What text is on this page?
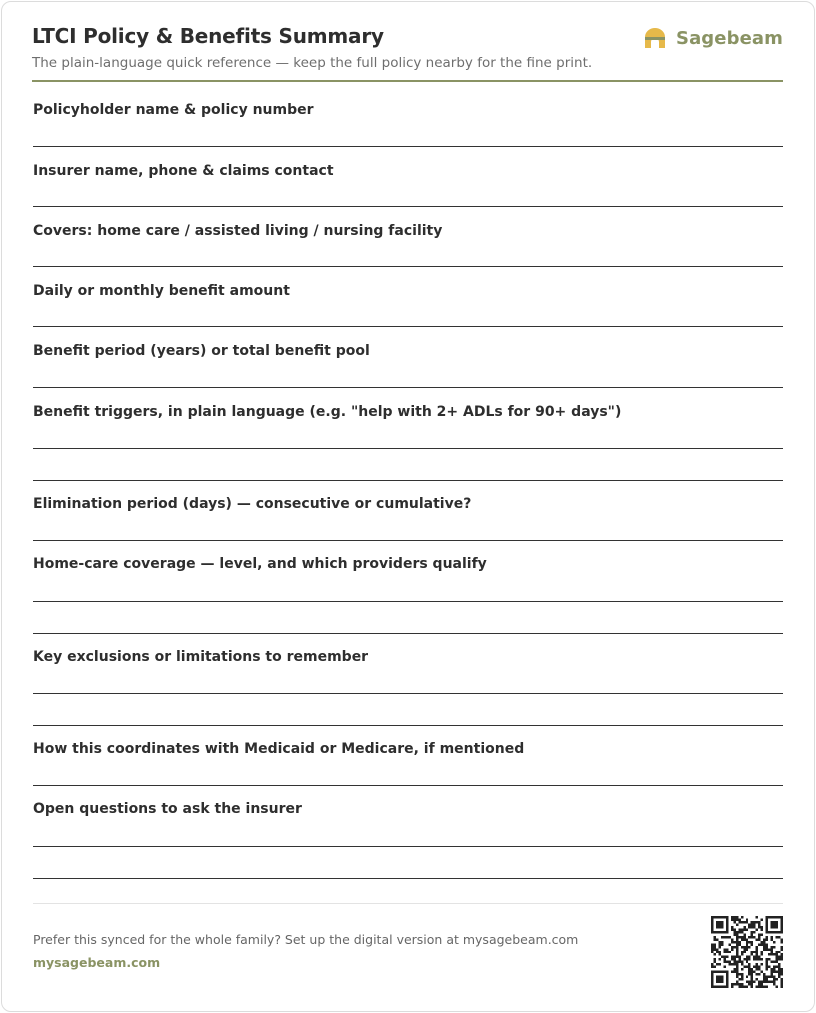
LTCI Policy & Benefits Summary
The plain-language quick reference — keep the full policy nearby for the fine print.
Sagebeam
Policyholder name & policy number
Insurer name, phone & claims contact
Covers: home care / assisted living / nursing facility
Daily or monthly benefit amount
Benefit period (years) or total benefit pool
Benefit triggers, in plain language (e.g. "help with 2+ ADLs for 90+ days")
Elimination period (days) — consecutive or cumulative?
Home-care coverage — level, and which providers qualify
Key exclusions or limitations to remember
How this coordinates with Medicaid or Medicare, if mentioned
Open questions to ask the insurer
Prefer this synced for the whole family? Set up the digital version at mysagebeam.com
mysagebeam.com
